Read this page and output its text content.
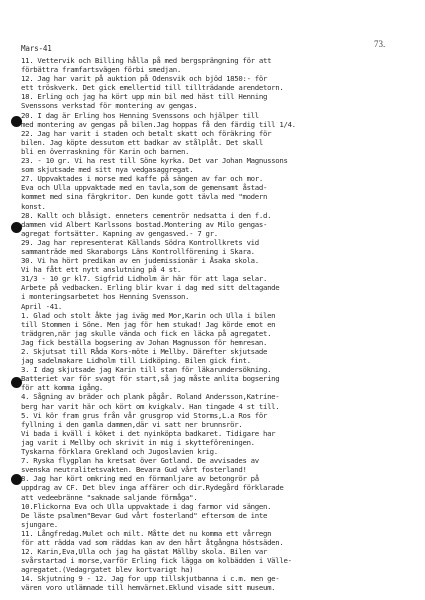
Mars-41	73.
11. Vettervik och Billing hålla på med bergsprängning för att
förbättra framfartsvägen förbi smedjan.
12. Jag har varit på auktion på Odensvik och bjöd 1850:- för
ett tröskverk. Det gick emellertid till tillträdande arendetorn.
18. Erling och jag ha kört upp min bil med häst till Henning
Svenssons verkstad för montering av gengas.
20. I dag är Erling hos Henning Svenssons och hjälper till
med montering av gengas på bilen.Jag hoppas få den färdig till 1/4.
22. Jag har varit i staden och betalt skatt och föräkring för
bilen. Jag köpte dessutom ett badkar av stålplåt. Det skall
bli en överraskning för Karin och barnen.
23. - 10 gr. Vi ha rest till Söne kyrka. Det var Johan Magnussons
som skjutsade med sitt nya vedgasaggregat.
27. Uppvaktades i morse med kaffe på sängen av far och mor.
Eva och Ulla uppvaktade med en tavla,som de gemensamt åstad-
kommet med sina färgkritor. Den kunde gott tävla med "modern
konst.
28. Kallt och blåsigt. enneters cementrör nedsatta i den f.d.
dammen vid Albert Karlssons bostad.Montering av Milo gengas-
agregat fortsätter. Kapning av gengasved.- 7 gr.
29. Jag har representerat Källands Södra Kontrollkrets vid
sammanträde med Skaraborgs Läns Kontrollförening i Skara.
30. Vi ha hört predikan av en judemissionär i Åsaka skola.
Vi ha fått ett nytt anslutning på 4 st.
31/3 - 10 gr kl7. Sigfrid Lidholm är här för att laga selar.
Arbete på vedbacken. Erling blir kvar i dag med sitt deltagande
i monteringsarbetet hos Henning Svensson.
April -41.
1. Glad och stolt åkte jag iväg med Mor,Karin och Ulla i bilen
till Stommen i Söne. Men jag för hem stukad! Jag körde emot en
trädgren,när jag skulle vända och fick en läcka på agregatet.
Jag fick beställa bogsering av Johan Magnusson för hemresan.
2. Skjutsat till Råda Kors-möte i Mellby. Därefter skjutsade
jag sadelmakare Lidholm till Lidköping. Bilen gick fint.
3. I dag skjutsade jag Karin till stan för läkarundersökning.
Batteriet var för svagt för start,så jag måste anlita bogsering
för att komma igång.
4. Sågning av bräder och plank pågår. Roland Andersson,Katrine-
berg har varit här och kört om kvigkalv. Han tingade 4 st till.
5. Vi kör fram grus från vår grusgrop vid Storms,L.a Ros för
fyllning i den gamla dammen,där vi satt ner brunnsrör.
Vi bada i kväll i köket i det nyinköpta badkaret. Tidigare har
jag varit i Mellby och skrivit in mig i skytteföreningen.
Tyskarna förklara Grekland och Jugoslavien krig.
7. Ryska flygplan ha kretsat över Gotland. De avvisades av
svenska neutralitetsvakten. Bevara Gud vårt fosterland!
8. Jag har kört omkring med en förmanljare av betongrör på
uppdrag av CF. Det blev inga affärer och dir.Rydegård förklarade
att vedeebränne "saknade saljande förmåga".
10.Flickorna Eva och Ulla uppvaktade i dag farmor vid sängen.
De läste psalmen"Bevar Gud vårt fosterland" eftersom de inte
sjungare.
11. Långfredag.Mulet och milt. Måtte det nu komma ett vårregn
för att rädda vad som räddas kan av den hårt åtgångna höstsäden.
12. Karin,Eva,Ulla och jag ha gästat Mällby skola. Bilen var
svårstartad i morse,varför Erling fick lägga om kolbädden i Välle-
agregatet.(Vedagrgatet blev kortvarigt ha)
14. Skjutning 9 - 12. Jag for upp tillskjutbanna i c.m. men ge-
vären voro utlämnade till hemvärnet.Eklund visade sitt museum.
